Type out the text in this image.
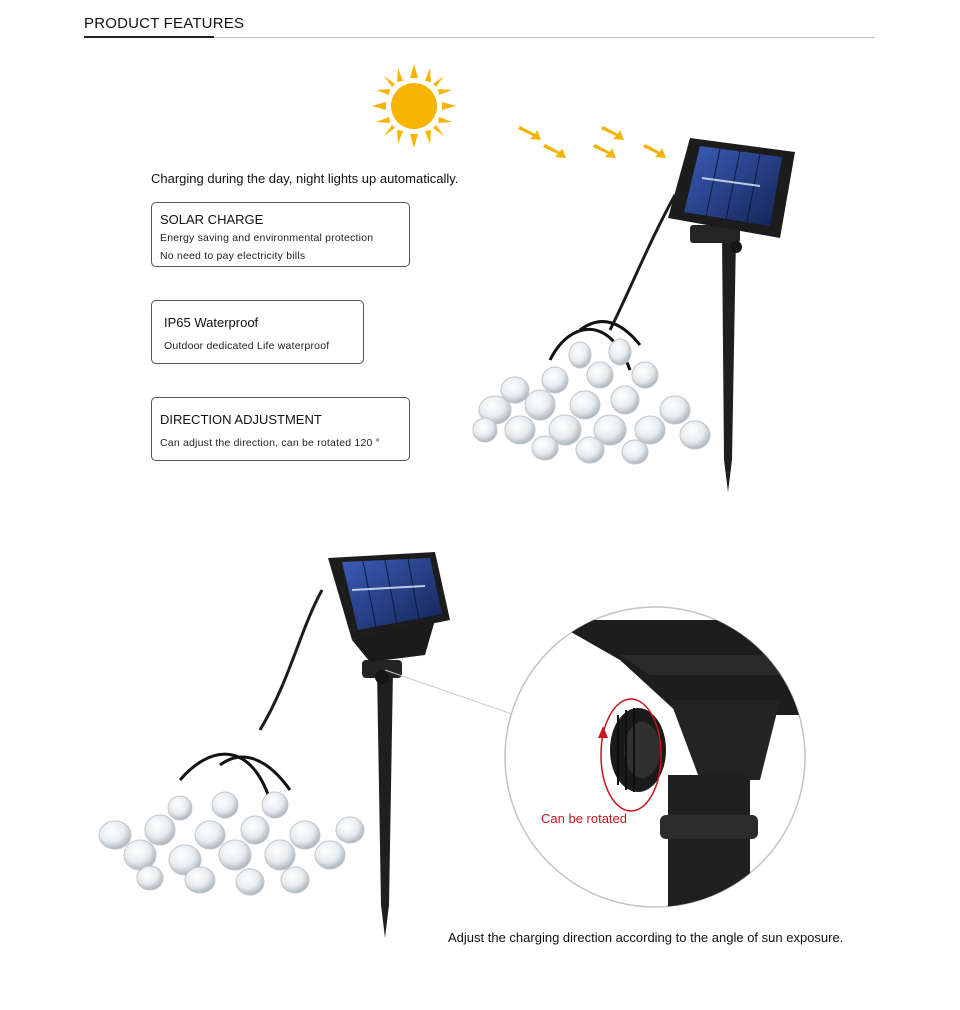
PRODUCT FEATURES
Charging during the day, night lights up automatically.

SOLAR CHARGE

Energy saving and environmental protection

No need to pay electricity bills

IP65 Waterproof

Outdoor dedicated Life waterproof

DIRECTION ADJUSTMENT

Can adjust the direction, can be rotated 120 °

Can be rotated
Adjust the charging direction according to the angle of sun exposure.
